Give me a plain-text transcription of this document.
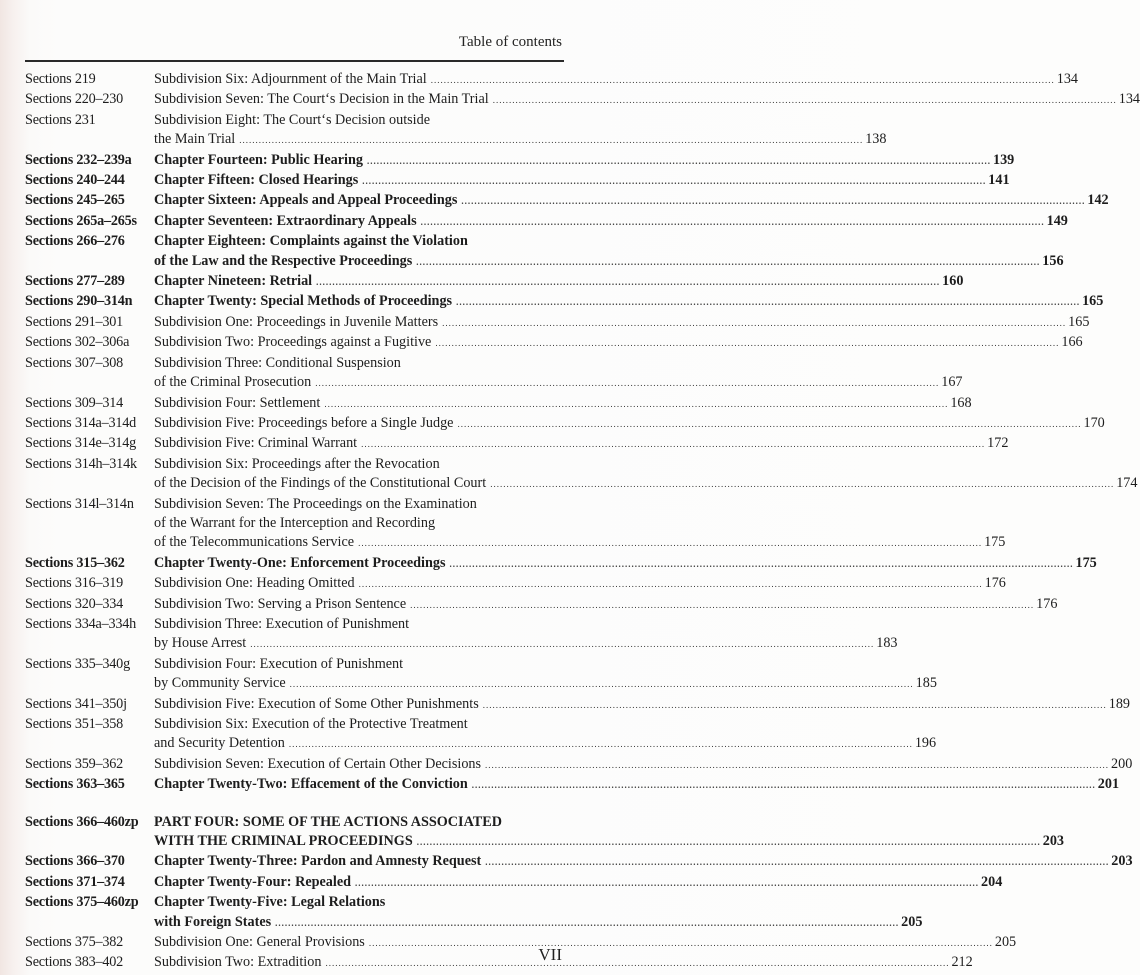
Table of contents
Sections 219	Subdivision Six: Adjournment of the Main Trial .....	134
Sections 220–230	Subdivision Seven: The Court‘s Decision in the Main Trial .....	134
Sections 231	Subdivision Eight: The Court‘s Decision outside
the Main Trial .....	138
Sections 232–239a	Chapter Fourteen: Public Hearing .....	139
Sections 240–244	Chapter Fifteen: Closed Hearings .....	141
Sections 245–265	Chapter Sixteen: Appeals and Appeal Proceedings .....	142
Sections 265a–265s	Chapter Seventeen: Extraordinary Appeals .....	149
Sections 266–276	Chapter Eighteen: Complaints against the Violation
of the Law and the Respective Proceedings .....	156
Sections 277–289	Chapter Nineteen: Retrial .....	160
Sections 290–314n	Chapter Twenty: Special Methods of Proceedings .....	165
Sections 291–301	Subdivision One: Proceedings in Juvenile Matters .....	165
Sections 302–306a	Subdivision Two: Proceedings against a Fugitive .....	166
Sections 307–308	Subdivision Three: Conditional Suspension
of the Criminal Prosecution .....	167
Sections 309–314	Subdivision Four: Settlement .....	168
Sections 314a–314d	Subdivision Five: Proceedings before a Single Judge .....	170
Sections 314e–314g	Subdivision Five: Criminal Warrant .....	172
Sections 314h–314k	Subdivision Six: Proceedings after the Revocation
of the Decision of the Findings of the Constitutional Court .....	174
Sections 314l–314n	Subdivision Seven: The Proceedings on the Examination
of the Warrant for the Interception and Recording
of the Telecommunications Service .....	175
Sections 315–362	Chapter Twenty-One: Enforcement Proceedings .....	175
Sections 316–319	Subdivision One: Heading Omitted .....	176
Sections 320–334	Subdivision Two: Serving a Prison Sentence .....	176
Sections 334a–334h	Subdivision Three: Execution of Punishment
by House Arrest .....	183
Sections 335–340g	Subdivision Four: Execution of Punishment
by Community Service .....	185
Sections 341–350j	Subdivision Five: Execution of Some Other Punishments .....	189
Sections 351–358	Subdivision Six: Execution of the Protective Treatment
and Security Detention .....	196
Sections 359–362	Subdivision Seven: Execution of Certain Other Decisions .....	200
Sections 363–365	Chapter Twenty-Two: Effacement of the Conviction .....	201
Sections 366–460zp	PART FOUR: SOME OF THE ACTIONS ASSOCIATED
WITH THE CRIMINAL PROCEEDINGS .....	203
Sections 366–370	Chapter Twenty-Three: Pardon and Amnesty Request .....	203
Sections 371–374	Chapter Twenty-Four: Repealed .....	204
Sections 375–460zp	Chapter Twenty-Five: Legal Relations
with Foreign States .....	205
Sections 375–382	Subdivision One: General Provisions .....	205
Sections 383–402	Subdivision Two: Extradition .....	212
VII
